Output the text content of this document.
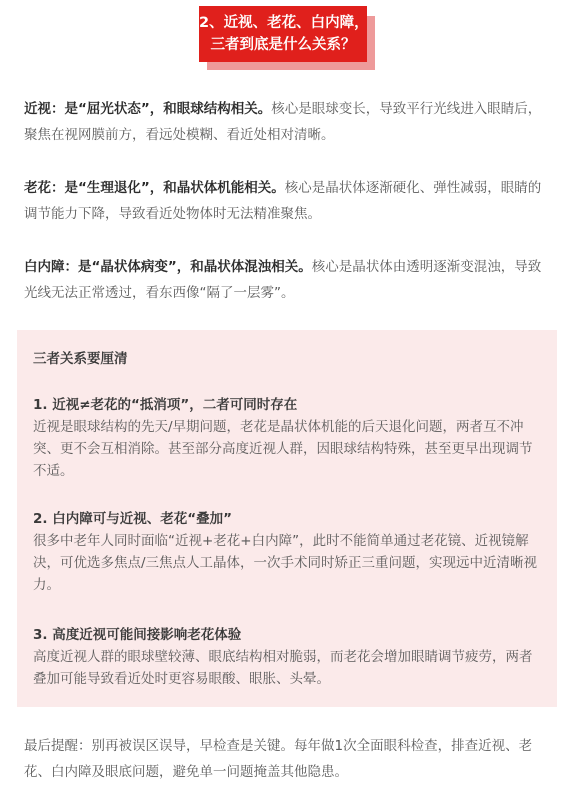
2、近视、老花、白内障，
三者到底是什么关系？

近视：是“屈光状态”，和眼球结构相关。核心是眼球变长，导致平行光线进入眼睛后，聚焦在视网膜前方，看远处模糊、看近处相对清晰。

老花：是“生理退化”，和晶状体机能相关。核心是晶状体逐渐硬化、弹性减弱，眼睛的调节能力下降，导致看近处物体时无法精准聚焦。

白内障：是“晶状体病变”，和晶状体混浊相关。核心是晶状体由透明逐渐变混浊，导致光线无法正常透过，看东西像“隔了一层雾”。

三者关系要厘清

1. 近视≠老花的“抵消项”，二者可同时存在

近视是眼球结构的先天/早期问题，老花是晶状体机能的后天退化问题，两者互不冲突、更不会互相消除。甚至部分高度近视人群，因眼球结构特殊，甚至更早出现调节不适。

2. 白内障可与近视、老花“叠加”

很多中老年人同时面临“近视+老花+白内障”，此时不能简单通过老花镜、近视镜解决，可优选多焦点/三焦点人工晶体，一次手术同时矫正三重问题，实现远中近清晰视力。

3. 高度近视可能间接影响老花体验

高度近视人群的眼球壁较薄、眼底结构相对脆弱，而老花会增加眼睛调节疲劳，两者叠加可能导致看近处时更容易眼酸、眼胀、头晕。

最后提醒：别再被误区误导，早检查是关键。每年做1次全面眼科检查，排查近视、老花、白内障及眼底问题，避免单一问题掩盖其他隐患。
